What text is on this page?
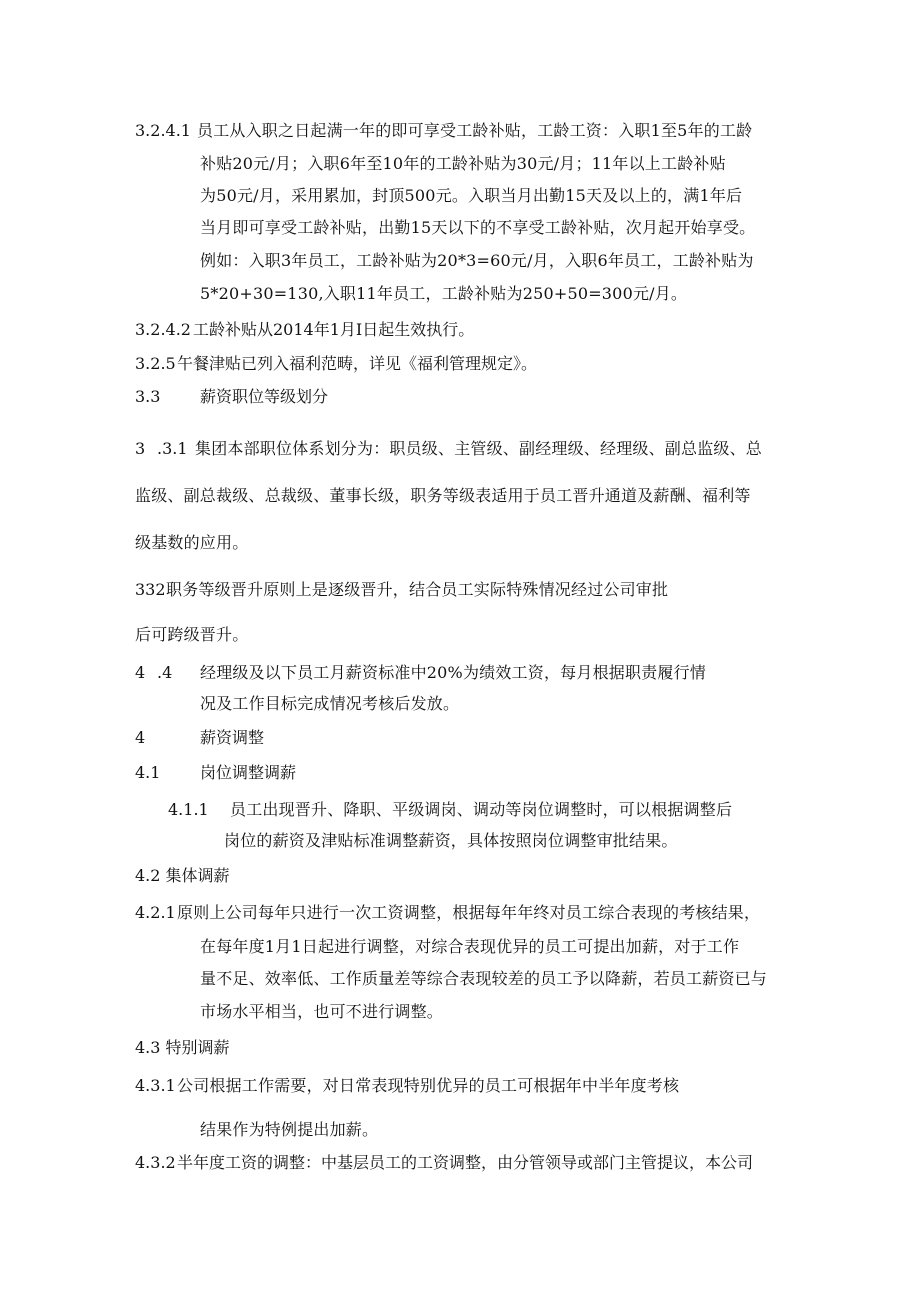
3.2.4.1 员工从入职之日起满一年的即可享受工龄补贴，工龄工资：入职1至5年的工龄
补贴20元/月；入职6年至10年的工龄补贴为30元/月；11年以上工龄补贴
为50元/月，采用累加，封顶500元。入职当月出勤15天及以上的，满1年后
当月即可享受工龄补贴，出勤15天以下的不享受工龄补贴，次月起开始享受。
例如：入职3年员工，工龄补贴为20*3=60元/月，入职6年员工，工龄补贴为
5*20+30=130,入职11年员工，工龄补贴为250+50=300元/月。
3.2.4.2 工龄补贴从2014年1月I日起生效执行。
3.2.5 午餐津贴已列入福利范畴，详见《福利管理规定》。
3.3 薪资职位等级划分
3 .3.1 集团本部职位体系划分为：职员级、主管级、副经理级、经理级、副总监级、总
监级、副总裁级、总裁级、董事长级，职务等级表适用于员工晋升通道及薪酬、福利等
级基数的应用。
332 职务等级晋升原则上是逐级晋升，结合员工实际特殊情况经过公司审批
后可跨级晋升。
4 .4 经理级及以下员工月薪资标准中20%为绩效工资，每月根据职责履行情
况及工作目标完成情况考核后发放。
4	薪资调整
4.1 岗位调整调薪
4.1.1 员工出现晋升、降职、平级调岗、调动等岗位调整时，可以根据调整后
岗位的薪资及津贴标准调整薪资，具体按照岗位调整审批结果。
4.2 集体调薪
4.2.1 原则上公司每年只进行一次工资调整，根据每年年终对员工综合表现的考核结果，
在每年度1月1日起进行调整，对综合表现优异的员工可提出加薪，对于工作
量不足、效率低、工作质量差等综合表现较差的员工予以降薪，若员工薪资已与
市场水平相当，也可不进行调整。
4.3 特别调薪
4.3.1 公司根据工作需要，对日常表现特别优异的员工可根据年中半年度考核
结果作为特例提出加薪。
4.3.2 半年度工资的调整：中基层员工的工资调整，由分管领导或部门主管提议，本公司
